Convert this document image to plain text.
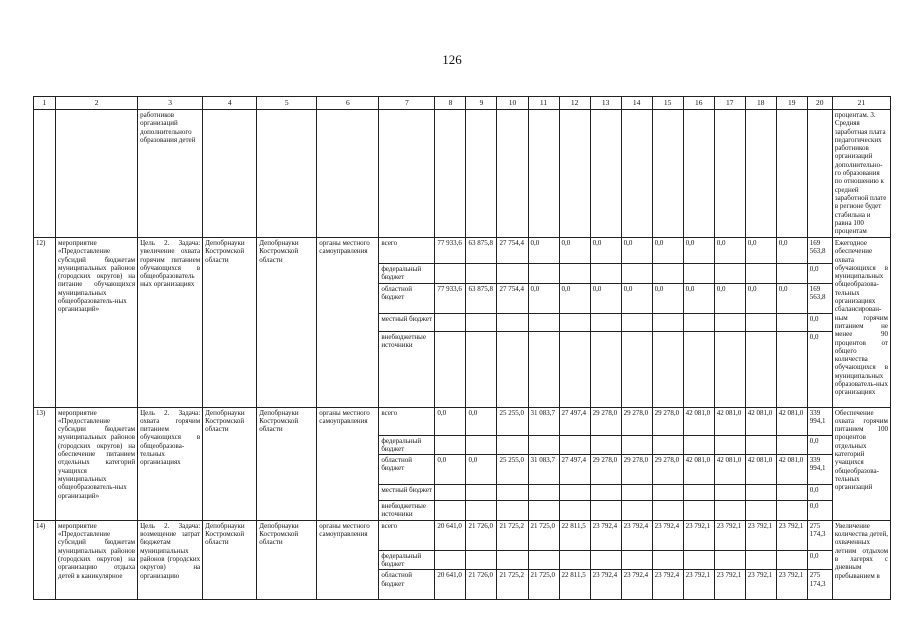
126
1	2	3	4	5	6	7	8	9	10	11	12	13	14	15	16	17	18	19	20	21
		работников организаций дополнительного образования детей																		процентам. 3. Средняя заработная плата педагогических работников организаций дополнительно-го образования по отношению к средней заработной плате в регионе будет стабильна и равна 100 процентам
12)	мероприятие «Предоставление субсидий бюджетам муниципальных районов (городских округов) на питание обучающихся муниципальных общеобразователь-ных организаций»	Цель 2. Задача: увеличение охвата горячим питанием обучающихся в общеобразователь ных организациях	Депобрнауки Костромской области	Депобрнауки Костромской области	органы местного самоуправления	всего	77 933,6	63 875,8	27 754,4	0,0	0,0	0,0	0,0	0,0	0,0	0,0	0,0	0,0	169 563,8	Ежегодное обеспечение охвата обучающихся в муниципальных общеобразова-тельных организациях сбалансирован-ным горячим питанием не менее 90 процентов от общего количества обучающихся в муниципальных образователь-ных организациях
						федеральный бюджет													0,0	
						областной бюджет	77 933,6	63 875,8	27 754,4	0,0	0,0	0,0	0,0	0,0	0,0	0,0	0,0	0,0	169 563,8	
						местный бюджет													0,0	
						внебюджетные источники													0,0	
13)	мероприятие «Предоставление субсидии бюджетам муниципальных районов (городских округов) на обеспечение питанием отдельных категорий учащихся муниципальных общеобразователь-ных организаций»	Цель 2. Задача: охвата горячим питанием обучающихся в общеобразова-тельных организациях	Депобрнауки Костромской области	Депобрнауки Костромской области	органы местного самоуправления	всего	0,0	0,0	25 255,0	31 083,7	27 497,4	29 278,0	29 278,0	29 278,0	42 081,0	42 081,0	42 081,0	42 081,0	339 994,1	Обеспечение охвата горячим питанием 100 процентов отдельных категорий учащихся общеобразова-тельных организаций
						федеральный бюджет													0,0	
						областной бюджет	0,0	0,0	25 255,0	31 083,7	27 497,4	29 278,0	29 278,0	29 278,0	42 081,0	42 081,0	42 081,0	42 081,0	339 994,1	
						местный бюджет													0,0	
						внебюджетные источники													0,0	
14)	мероприятие «Предоставление субсидий бюджетам муниципальных районов (городских округов) на организацию отдыха детей в каникулярное	Цель 2. Задача: возмещение затрат бюджетам муниципальных районов (городских округов) на организацию	Депобрнауки Костромской области	Депобрнауки Костромской области	органы местного самоуправления	всего	20 641,0	21 726,0	21 725,2	21 725,0	22 811,5	23 792,4	23 792,4	23 792,4	23 792,1	23 792,1	23 792,1	23 792,1	275 174,3	Увеличение количества детей, охваченных летним отдыхом в лагерях с дневным пребыванием в
						федеральный бюджет													0,0	
						областной бюджет	20 641,0	21 726,0	21 725,2	21 725,0	22 811,5	23 792,4	23 792,4	23 792,4	23 792,1	23 792,1	23 792,1	23 792,1	275 174,3	
